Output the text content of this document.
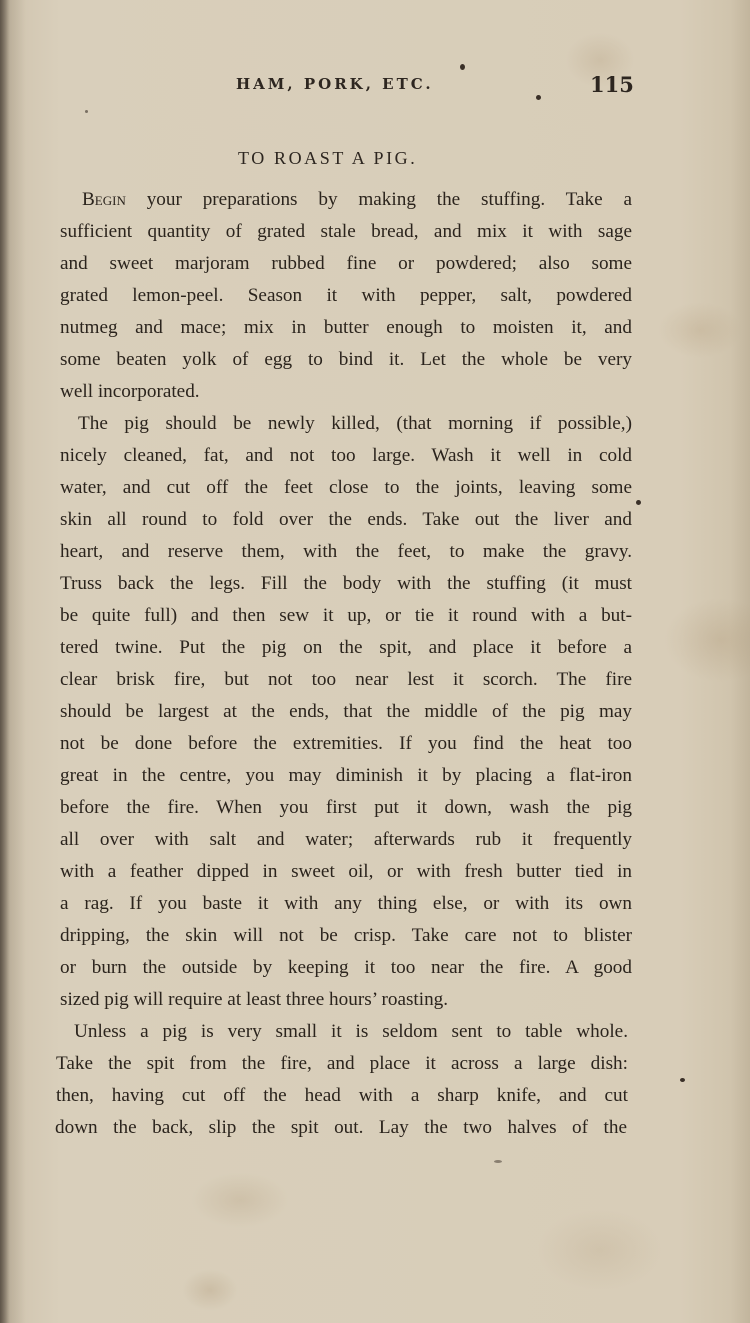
HAM, PORK, ETC.	115
TO ROAST A PIG.
Begin your preparations by making the stuffing. Take a
sufficient quantity of grated stale bread, and mix it with sage
and sweet marjoram rubbed fine or powdered; also some
grated lemon-peel. Season it with pepper, salt, powdered
nutmeg and mace; mix in butter enough to moisten it, and
some beaten yolk of egg to bind it. Let the whole be very
well incorporated.
The pig should be newly killed, (that morning if possible,)
nicely cleaned, fat, and not too large. Wash it well in cold
water, and cut off the feet close to the joints, leaving some
skin all round to fold over the ends. Take out the liver and
heart, and reserve them, with the feet, to make the gravy.
Truss back the legs. Fill the body with the stuffing (it must
be quite full) and then sew it up, or tie it round with a but-
tered twine. Put the pig on the spit, and place it before a
clear brisk fire, but not too near lest it scorch. The fire
should be largest at the ends, that the middle of the pig may
not be done before the extremities. If you find the heat too
great in the centre, you may diminish it by placing a flat-iron
before the fire. When you first put it down, wash the pig
all over with salt and water; afterwards rub it frequently
with a feather dipped in sweet oil, or with fresh butter tied in
a rag. If you baste it with any thing else, or with its own
dripping, the skin will not be crisp. Take care not to blister
or burn the outside by keeping it too near the fire. A good
sized pig will require at least three hours’ roasting.
Unless a pig is very small it is seldom sent to table whole.
Take the spit from the fire, and place it across a large dish:
then, having cut off the head with a sharp knife, and cut
down the back, slip the spit out. Lay the two halves of the
